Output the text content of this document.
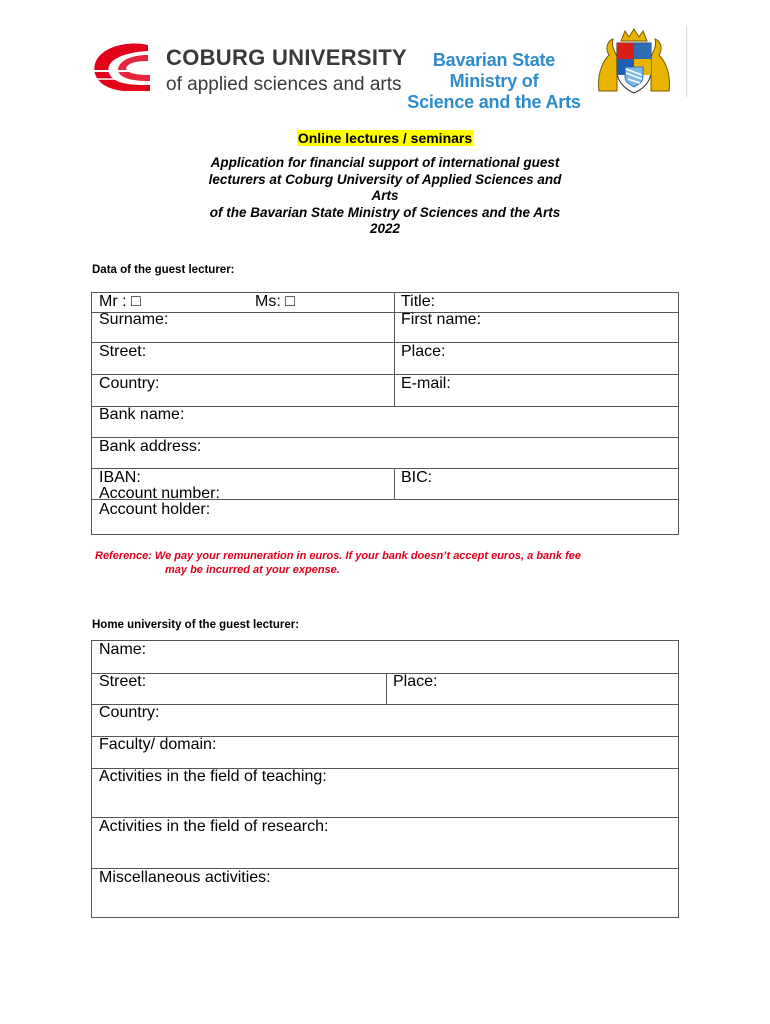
COBURG UNIVERSITY
of applied sciences and arts
Bavarian State Ministry of
Science and the Arts
Online lectures / seminars
Application for financial support of international guest
lecturers at Coburg University of Applied Sciences and
Arts
of the Bavarian State Ministry of Sciences and the Arts
2022
Data of the guest lecturer:
Mr : □	Ms: □	Title:
Surname:	First name:
Street:	Place:
Country:	E-mail:
Bank name:
Bank address:
IBAN:	BIC:
Account number:
Account holder:
Reference: We pay your remuneration in euros. If your bank doesn’t accept euros, a bank fee
may be incurred at your expense.
Home university of the guest lecturer:
Name:
Street:	Place:
Country:
Faculty/ domain:
Activities in the field of teaching:
Activities in the field of research:
Miscellaneous activities:
